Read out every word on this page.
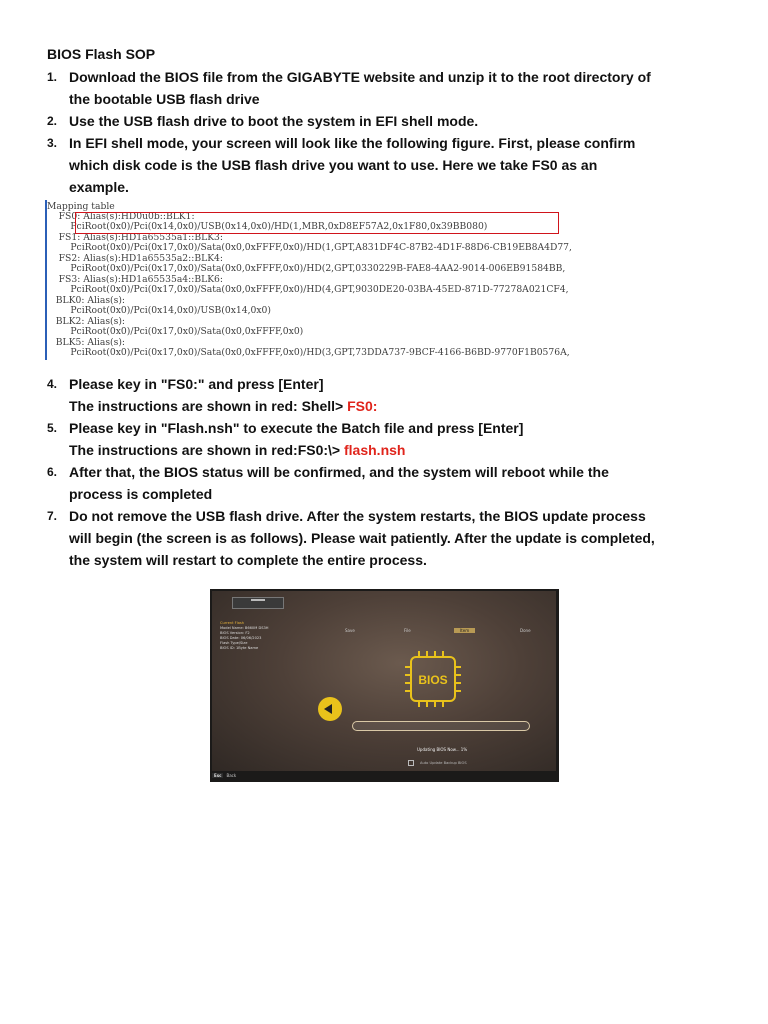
BIOS Flash SOP
1. Download the BIOS file from the GIGABYTE website and unzip it to the root directory of
the bootable USB flash drive
2. Use the USB flash drive to boot the system in EFI shell mode.
3. In EFI shell mode, your screen will look like the following figure. First, please confirm
which disk code is the USB flash drive you want to use. Here we take FS0 as an
example.
Mapping table
FS0: Alias(s):HD0u0b::BLK1:
PciRoot(0x0)/Pci(0x14,0x0)/USB(0x14,0x0)/HD(1,MBR,0xD8EF57A2,0x1F80,0x39BB080)
FS1: Alias(s):HD1a65535a1::BLK3:
PciRoot(0x0)/Pci(0x17,0x0)/Sata(0x0,0xFFFF,0x0)/HD(1,GPT,A831DF4C-87B2-4D1F-88D6-CB19EB8A4D77,
FS2: Alias(s):HD1a65535a2::BLK4:
PciRoot(0x0)/Pci(0x17,0x0)/Sata(0x0,0xFFFF,0x0)/HD(2,GPT,0330229B-FAE8-4AA2-9014-006EB91584BB,
FS3: Alias(s):HD1a65535a4::BLK6:
PciRoot(0x0)/Pci(0x17,0x0)/Sata(0x0,0xFFFF,0x0)/HD(4,GPT,9030DE20-03BA-45ED-871D-77278A021CF4,
BLK0: Alias(s):
PciRoot(0x0)/Pci(0x14,0x0)/USB(0x14,0x0)
BLK2: Alias(s):
PciRoot(0x0)/Pci(0x17,0x0)/Sata(0x0,0xFFFF,0x0)
BLK5: Alias(s):
PciRoot(0x0)/Pci(0x17,0x0)/Sata(0x0,0xFFFF,0x0)/HD(3,GPT,73DDA737-9BCF-4166-B6BD-9770F1B0576A,
4. Please key in "FS0:" and press [Enter]
The instructions are shown in red: Shell> FS0:
5. Please key in "Flash.nsh" to execute the Batch file and press [Enter]
The instructions are shown in red:FS0:\> flash.nsh
6. After that, the BIOS status will be confirmed, and the system will reboot while the
process is completed
7. Do not remove the USB flash drive. After the system restarts, the BIOS update process
will begin (the screen is as follows). Please wait patiently. After the update is completed,
the system will restart to complete the entire process.
Current Flash
Model Name: B660M DS3H
BIOS Version: F2
BIOS Date: 06/06/2023
Flash Type/Size
BIOS ID: 1Byte Name
Save	File	Item	Done
BIOS
Updating BIOS Now... 1%
Auto Update Backup BIOS
Esc Back
